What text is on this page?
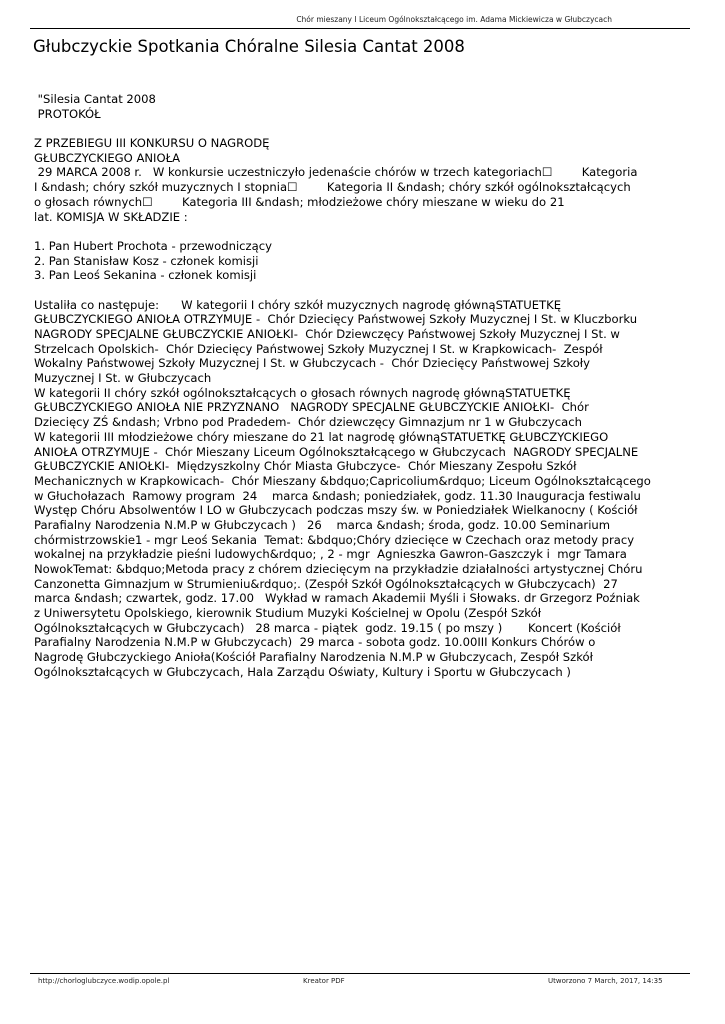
Chór mieszany I Liceum Ogólnokształcącego im. Adama Mickiewicza w Głubczycach
Głubczyckie Spotkania Chóralne Silesia Cantat 2008
"Silesia Cantat 2008
PROTOKÓŁ
Z PRZEBIEGU III KONKURSU O NAGRODĘ
GŁUBCZYCKIEGO ANIOŁA
29 MARCA 2008 r.   W konkursie uczestniczyło jedenaście chórów w trzech kategoriach☐        Kategoria
I &ndash; chóry szkół muzycznych I stopnia☐        Kategoria II &ndash; chóry szkół ogólnokształcących
o głosach równych☐        Kategoria III &ndash; młodzieżowe chóry mieszane w wieku do 21
lat. KOMISJA W SKŁADZIE :
1. Pan Hubert Prochota - przewodniczący
2. Pan Stanisław Kosz - członek komisji
3. Pan Leoś Sekanina - członek komisji
Ustaliła co następuje:      W kategorii I chóry szkół muzycznych nagrodę głównąSTATUETKĘ
GŁUBCZYCKIEGO ANIOŁA OTRZYMUJE -  Chór Dziecięcy Państwowej Szkoły Muzycznej I St. w Kluczborku
NAGRODY SPECJALNE GŁUBCZYCKIE ANIOŁKI-  Chór Dziewczęcy Państwowej Szkoły Muzycznej I St. w
Strzelcach Opolskich-  Chór Dziecięcy Państwowej Szkoły Muzycznej I St. w Krapkowicach-  Zespół
Wokalny Państwowej Szkoły Muzycznej I St. w Głubczycach -  Chór Dziecięcy Państwowej Szkoły
Muzycznej I St. w Głubczycach
W kategorii II chóry szkół ogólnokształcących o głosach równych nagrodę głównąSTATUETKĘ
GŁUBCZYCKIEGO ANIOŁA NIE PRZYZNANO   NAGRODY SPECJALNE GŁUBCZYCKIE ANIOŁKI-  Chór
Dziecięcy ZŚ &ndash; Vrbno pod Pradedem-  Chór dziewczęcy Gimnazjum nr 1 w Głubczycach
W kategorii III młodzieżowe chóry mieszane do 21 lat nagrodę głównąSTATUETKĘ GŁUBCZYCKIEGO
ANIOŁA OTRZYMUJE -  Chór Mieszany Liceum Ogólnokształcącego w Głubczycach  NAGRODY SPECJALNE
GŁUBCZYCKIE ANIOŁKI-  Międzyszkolny Chór Miasta Głubczyce-  Chór Mieszany Zespołu Szkół
Mechanicznych w Krapkowicach-  Chór Mieszany &bdquo;Capricolium&rdquo; Liceum Ogólnokształcącego
w Głuchołazach  Ramowy program  24    marca &ndash; poniedziałek, godz. 11.30 Inauguracja festiwalu
Występ Chóru Absolwentów I LO w Głubczycach podczas mszy św. w Poniedziałek Wielkanocny ( Kościół
Parafialny Narodzenia N.M.P w Głubczycach )   26    marca &ndash; środa, godz. 10.00 Seminarium
chórmistrzowskie1 - mgr Leoś Sekania  Temat: &bdquo;Chóry dziecięce w Czechach oraz metody pracy
wokalnej na przykładzie pieśni ludowych&rdquo; , 2 - mgr  Agnieszka Gawron-Gaszczyk i  mgr Tamara
NowokTemat: &bdquo;Metoda pracy z chórem dziecięcym na przykładzie działalności artystycznej Chóru
Canzonetta Gimnazjum w Strumieniu&rdquo;. (Zespół Szkół Ogólnokształcących w Głubczycach)  27
marca &ndash; czwartek, godz. 17.00   Wykład w ramach Akademii Myśli i Słowaks. dr Grzegorz Poźniak
z Uniwersytetu Opolskiego, kierownik Studium Muzyki Kościelnej w Opolu (Zespół Szkół
Ogólnokształcących w Głubczycach)   28 marca - piątek  godz. 19.15 ( po mszy )       Koncert (Kościół
Parafialny Narodzenia N.M.P w Głubczycach)  29 marca - sobota godz. 10.00III Konkurs Chórów o
Nagrodę Głubczyckiego Anioła(Kościół Parafialny Narodzenia N.M.P w Głubczycach, Zespół Szkół
Ogólnokształcących w Głubczycach, Hala Zarządu Oświaty, Kultury i Sportu w Głubczycach )
http://chorloglubczyce.wodip.opole.pl	Kreator PDF	Utworzono 7 March, 2017, 14:35
